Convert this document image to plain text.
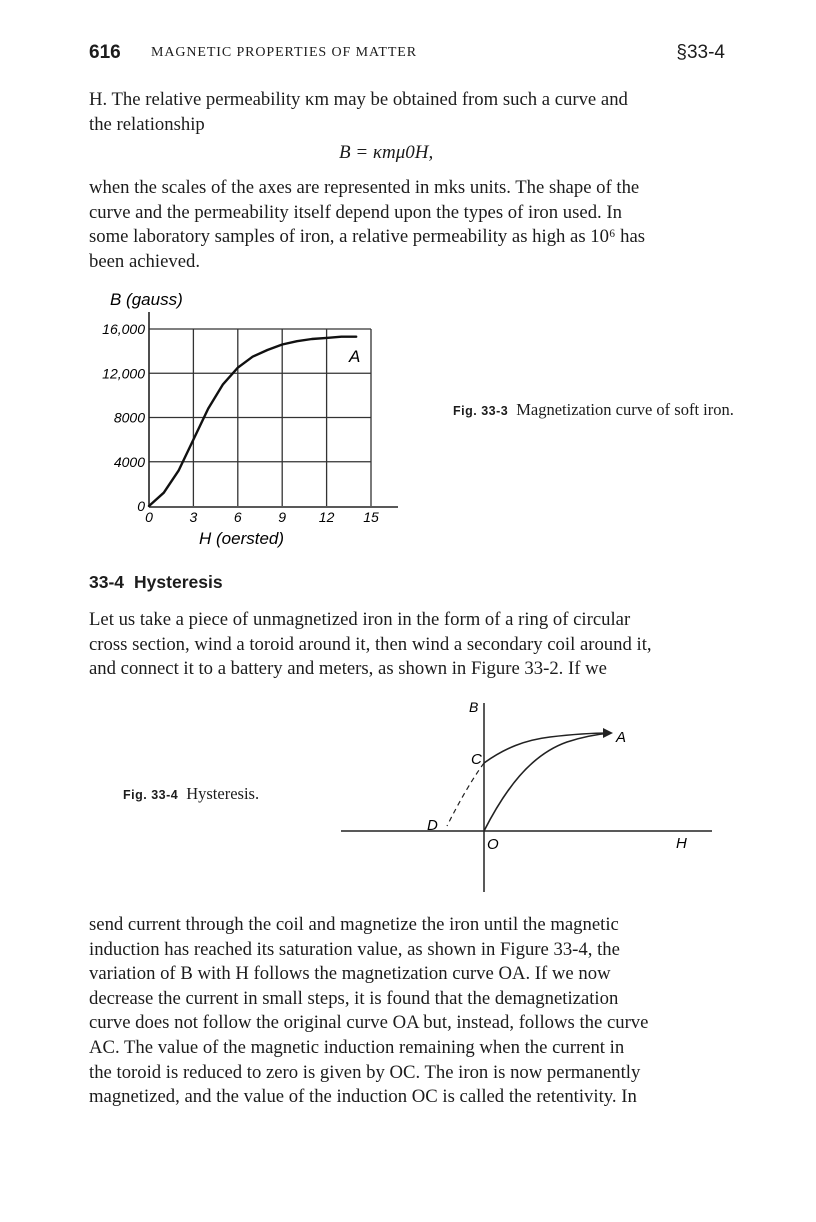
616 MAGNETIC PROPERTIES OF MATTER	§33-4
H. The relative permeability κm may be obtained from such a curve and
the relationship
B = κmμ0H,
when the scales of the axes are represented in mks units. The shape of the
curve and the permeability itself depend upon the types of iron used. In
some laboratory samples of iron, a relative permeability as high as 10⁶ has
been achieved.
0	3	6	9 12 15
0
4000
8000
12,000
16,000
B (gauss)
H (oersted)
A
Fig. 33-3 Magnetization curve of soft iron.
33-4 Hysteresis
Let us take a piece of unmagnetized iron in the form of a ring of circular
cross section, wind a toroid around it, then wind a secondary coil around it,
and connect it to a battery and meters, as shown in Figure 33-2. If we
B
A
C
D
O	H
Fig. 33-4 Hysteresis.
send current through the coil and magnetize the iron until the magnetic
induction has reached its saturation value, as shown in Figure 33-4, the
variation of B with H follows the magnetization curve OA. If we now
decrease the current in small steps, it is found that the demagnetization
curve does not follow the original curve OA but, instead, follows the curve
AC. The value of the magnetic induction remaining when the current in
the toroid is reduced to zero is given by OC. The iron is now permanently
magnetized, and the value of the induction OC is called the retentivity. In
